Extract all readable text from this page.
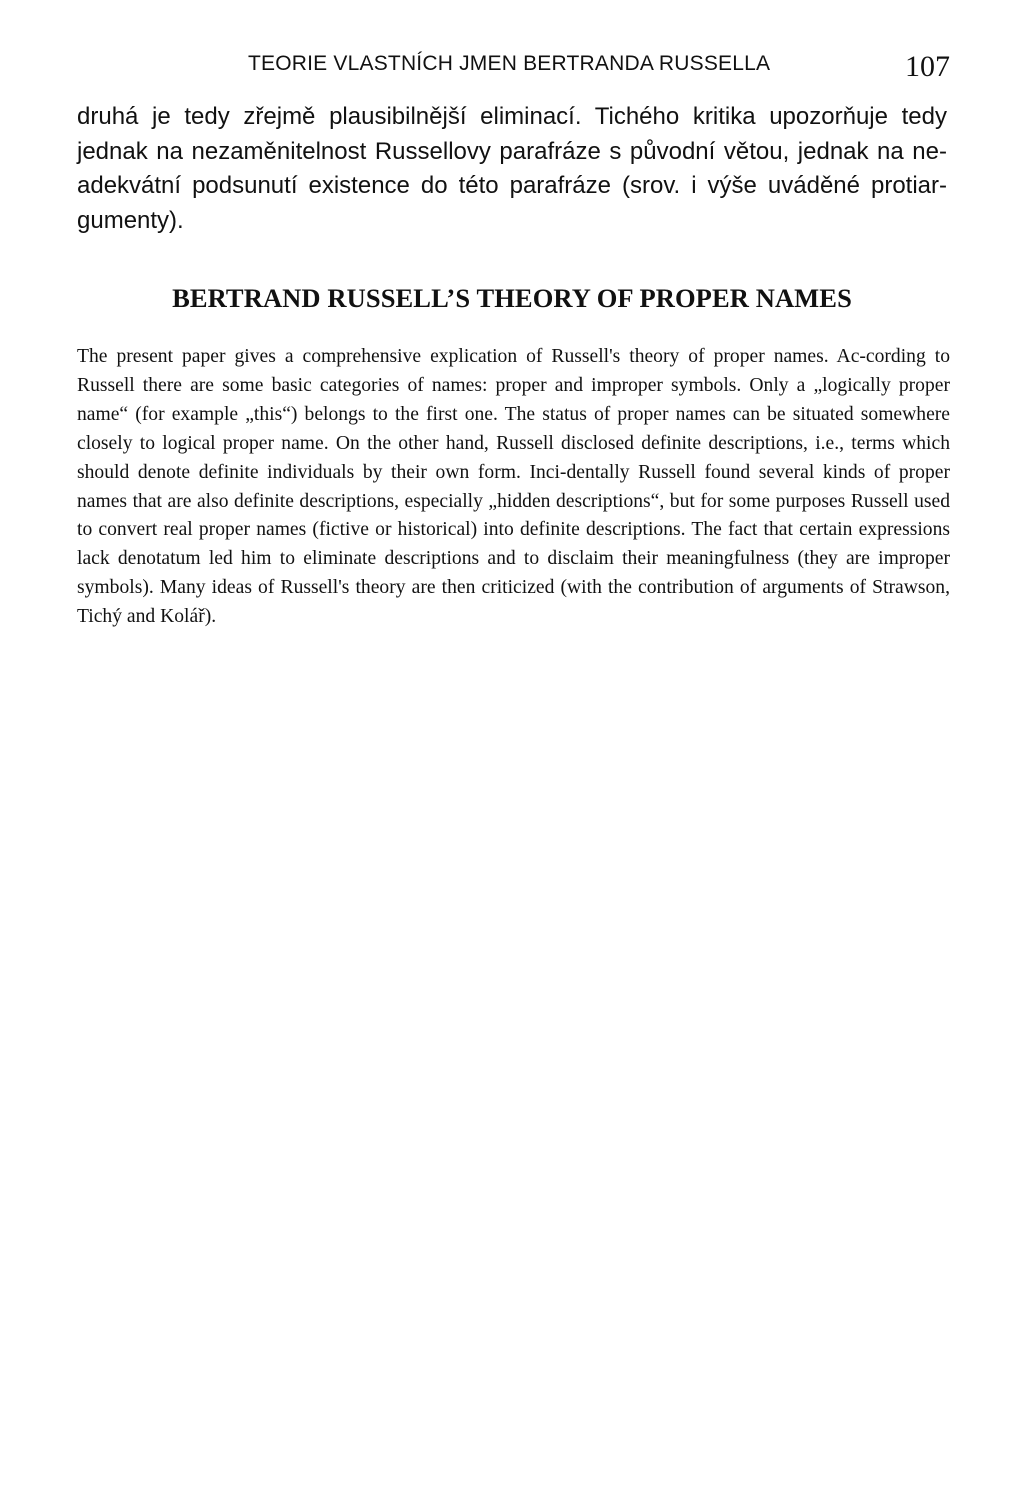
TEORIE VLASTNÍCH JMEN BERTRANDA RUSSELLA	107

druhá je tedy zřejmě plausibilnější eliminací. Tichého kritika upozorňuje tedy jednak na nezaměnitelnost Russellovy parafráze s původní větou, jednak na ne-adekvátní podsunutí existence do této parafráze (srov. i výše uváděné protiar-gumenty).

BERTRAND RUSSELL’S THEORY OF PROPER NAMES

The present paper gives a comprehensive explication of Russell's theory of proper names. Ac-cording to Russell there are some basic categories of names: proper and improper symbols. Only a „logically proper name“ (for example „this“) belongs to the first one. The status of proper names can be situated somewhere closely to logical proper name. On the other hand, Russell disclosed definite descriptions, i.e., terms which should denote definite individuals by their own form. Inci-dentally Russell found several kinds of proper names that are also definite descriptions, especially „hidden descriptions“, but for some purposes Russell used to convert real proper names (fictive or historical) into definite descriptions. The fact that certain expressions lack denotatum led him to eliminate descriptions and to disclaim their meaningfulness (they are improper symbols). Many ideas of Russell's theory are then criticized (with the contribution of arguments of Strawson, Tichý and Kolář).
